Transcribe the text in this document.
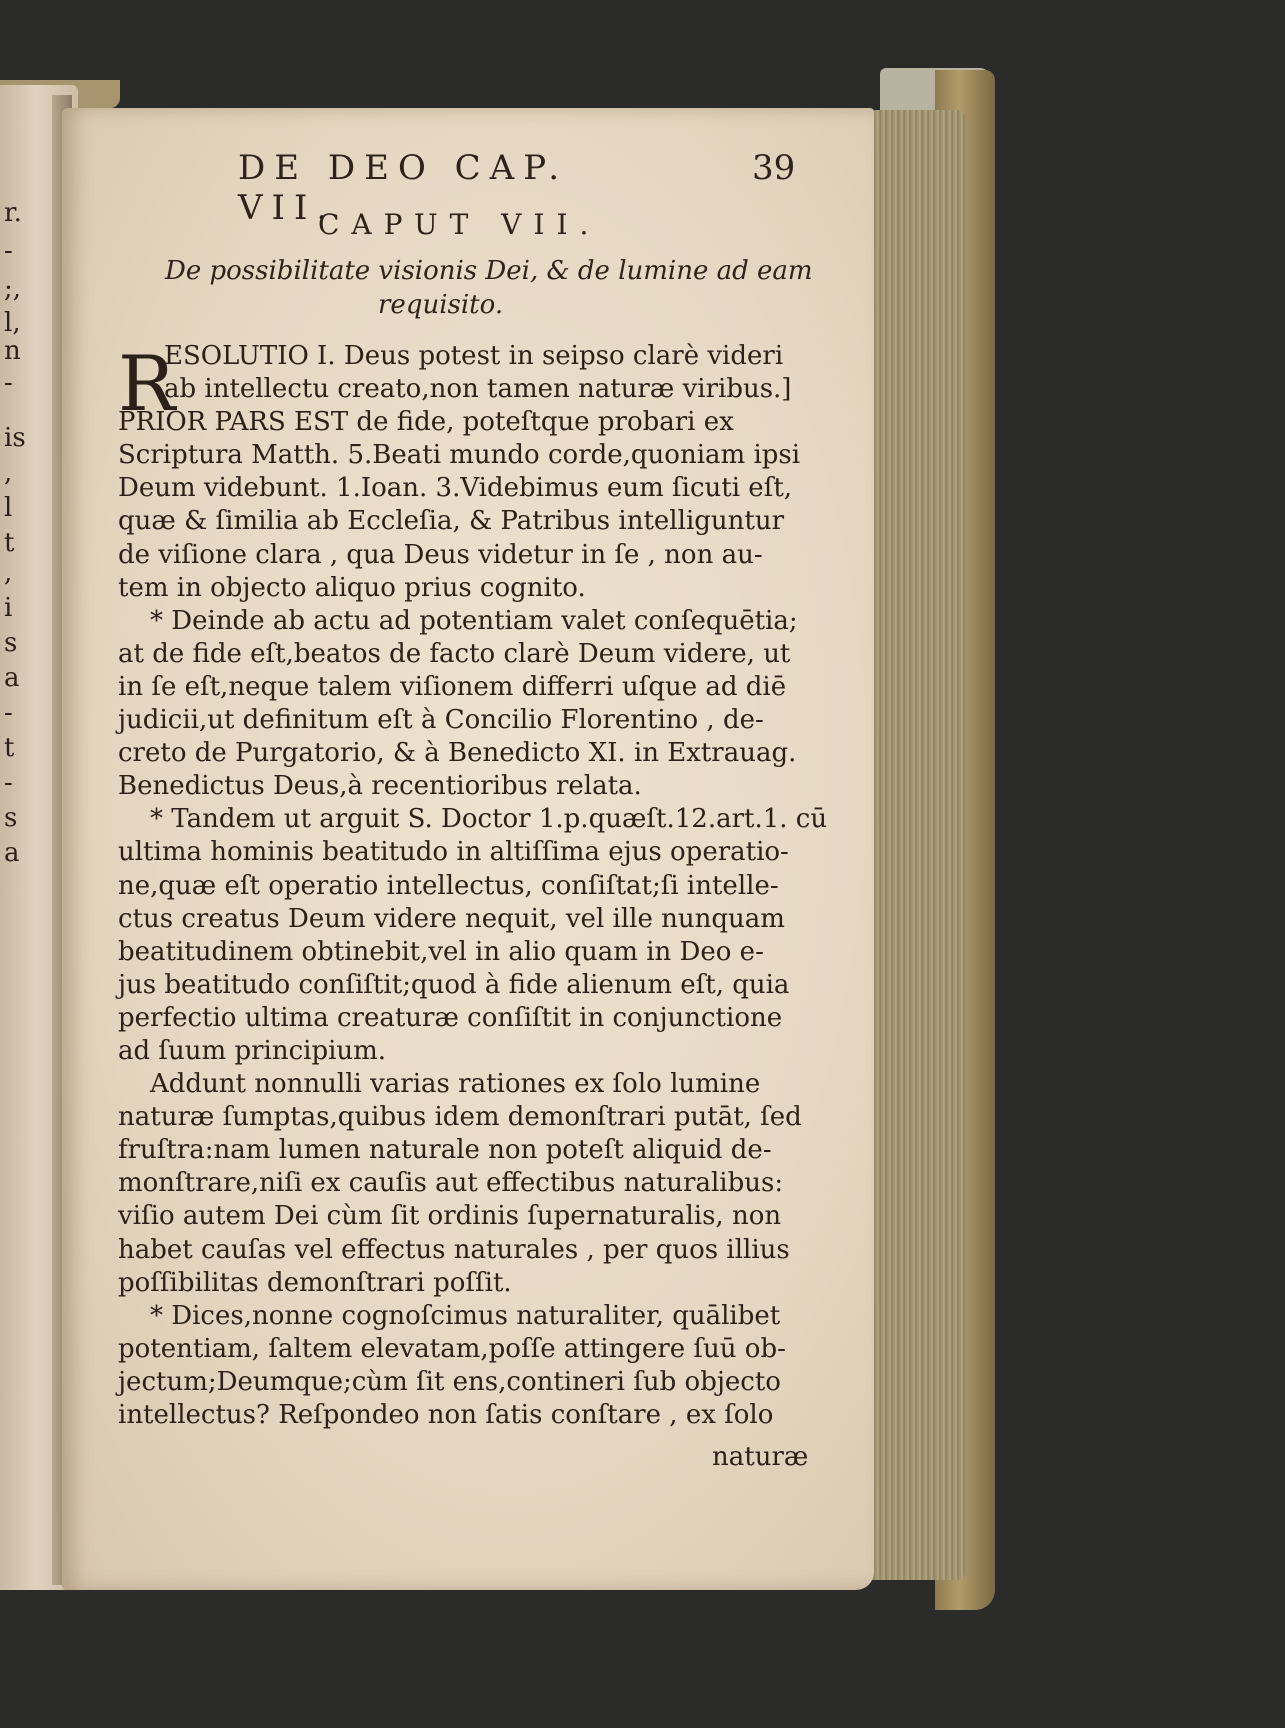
r.
-
;,
l,
n
-
is
,
l
t
,
i
s
a
-
t
-
s
a
DE DEO CAP. VII.
39
CAPUT VII.
De possibilitate visionis Dei, & de lumine ad eam
requisito.
R
ESOLUTIO I. Deus potest in seipso clarè videri
ab intellectu creato,non tamen naturæ viribus.]
PRIOR PARS EST de fide, poteſtque probari ex
Scriptura Matth. 5.Beati mundo corde,quoniam ipsi
Deum videbunt. 1.Ioan. 3.Videbimus eum ſicuti eſt,
quæ & ſimilia ab Eccleſia, & Patribus intelliguntur
de viſione clara , qua Deus videtur in ſe , non au-
tem in objecto aliquo prius cognito.
* Deinde ab actu ad potentiam valet conſequētia;
at de fide eſt,beatos de facto clarè Deum videre, ut
in ſe eſt,neque talem viſionem differri uſque ad diē
judicii,ut definitum eſt à Concilio Florentino , de-
creto de Purgatorio, & à Benedicto XI. in Extrauag.
Benedictus Deus,à recentioribus relata.
* Tandem ut arguit S. Doctor 1.p.quæſt.12.art.1. cū
ultima hominis beatitudo in altiſſima ejus operatio-
ne,quæ eſt operatio intellectus, conſiſtat;ſi intelle-
ctus creatus Deum videre nequit, vel ille nunquam
beatitudinem obtinebit,vel in alio quam in Deo e-
jus beatitudo conſiſtit;quod à fide alienum eſt, quia
perfectio ultima creaturæ conſiſtit in conjunctione
ad ſuum principium.
Addunt nonnulli varias rationes ex ſolo lumine
naturæ ſumptas,quibus idem demonſtrari putāt, ſed
fruſtra:nam lumen naturale non poteſt aliquid de-
monſtrare,niſi ex cauſis aut effectibus naturalibus:
viſio autem Dei cùm ſit ordinis ſupernaturalis, non
habet cauſas vel effectus naturales , per quos illius
poſſibilitas demonſtrari poſſit.
* Dices,nonne cognoſcimus naturaliter, quālibet
potentiam, ſaltem elevatam,poſſe attingere ſuū ob-
jectum;Deumque;cùm ſit ens,contineri ſub objecto
intellectus? Reſpondeo non ſatis conſtare , ex ſolo
naturæ
